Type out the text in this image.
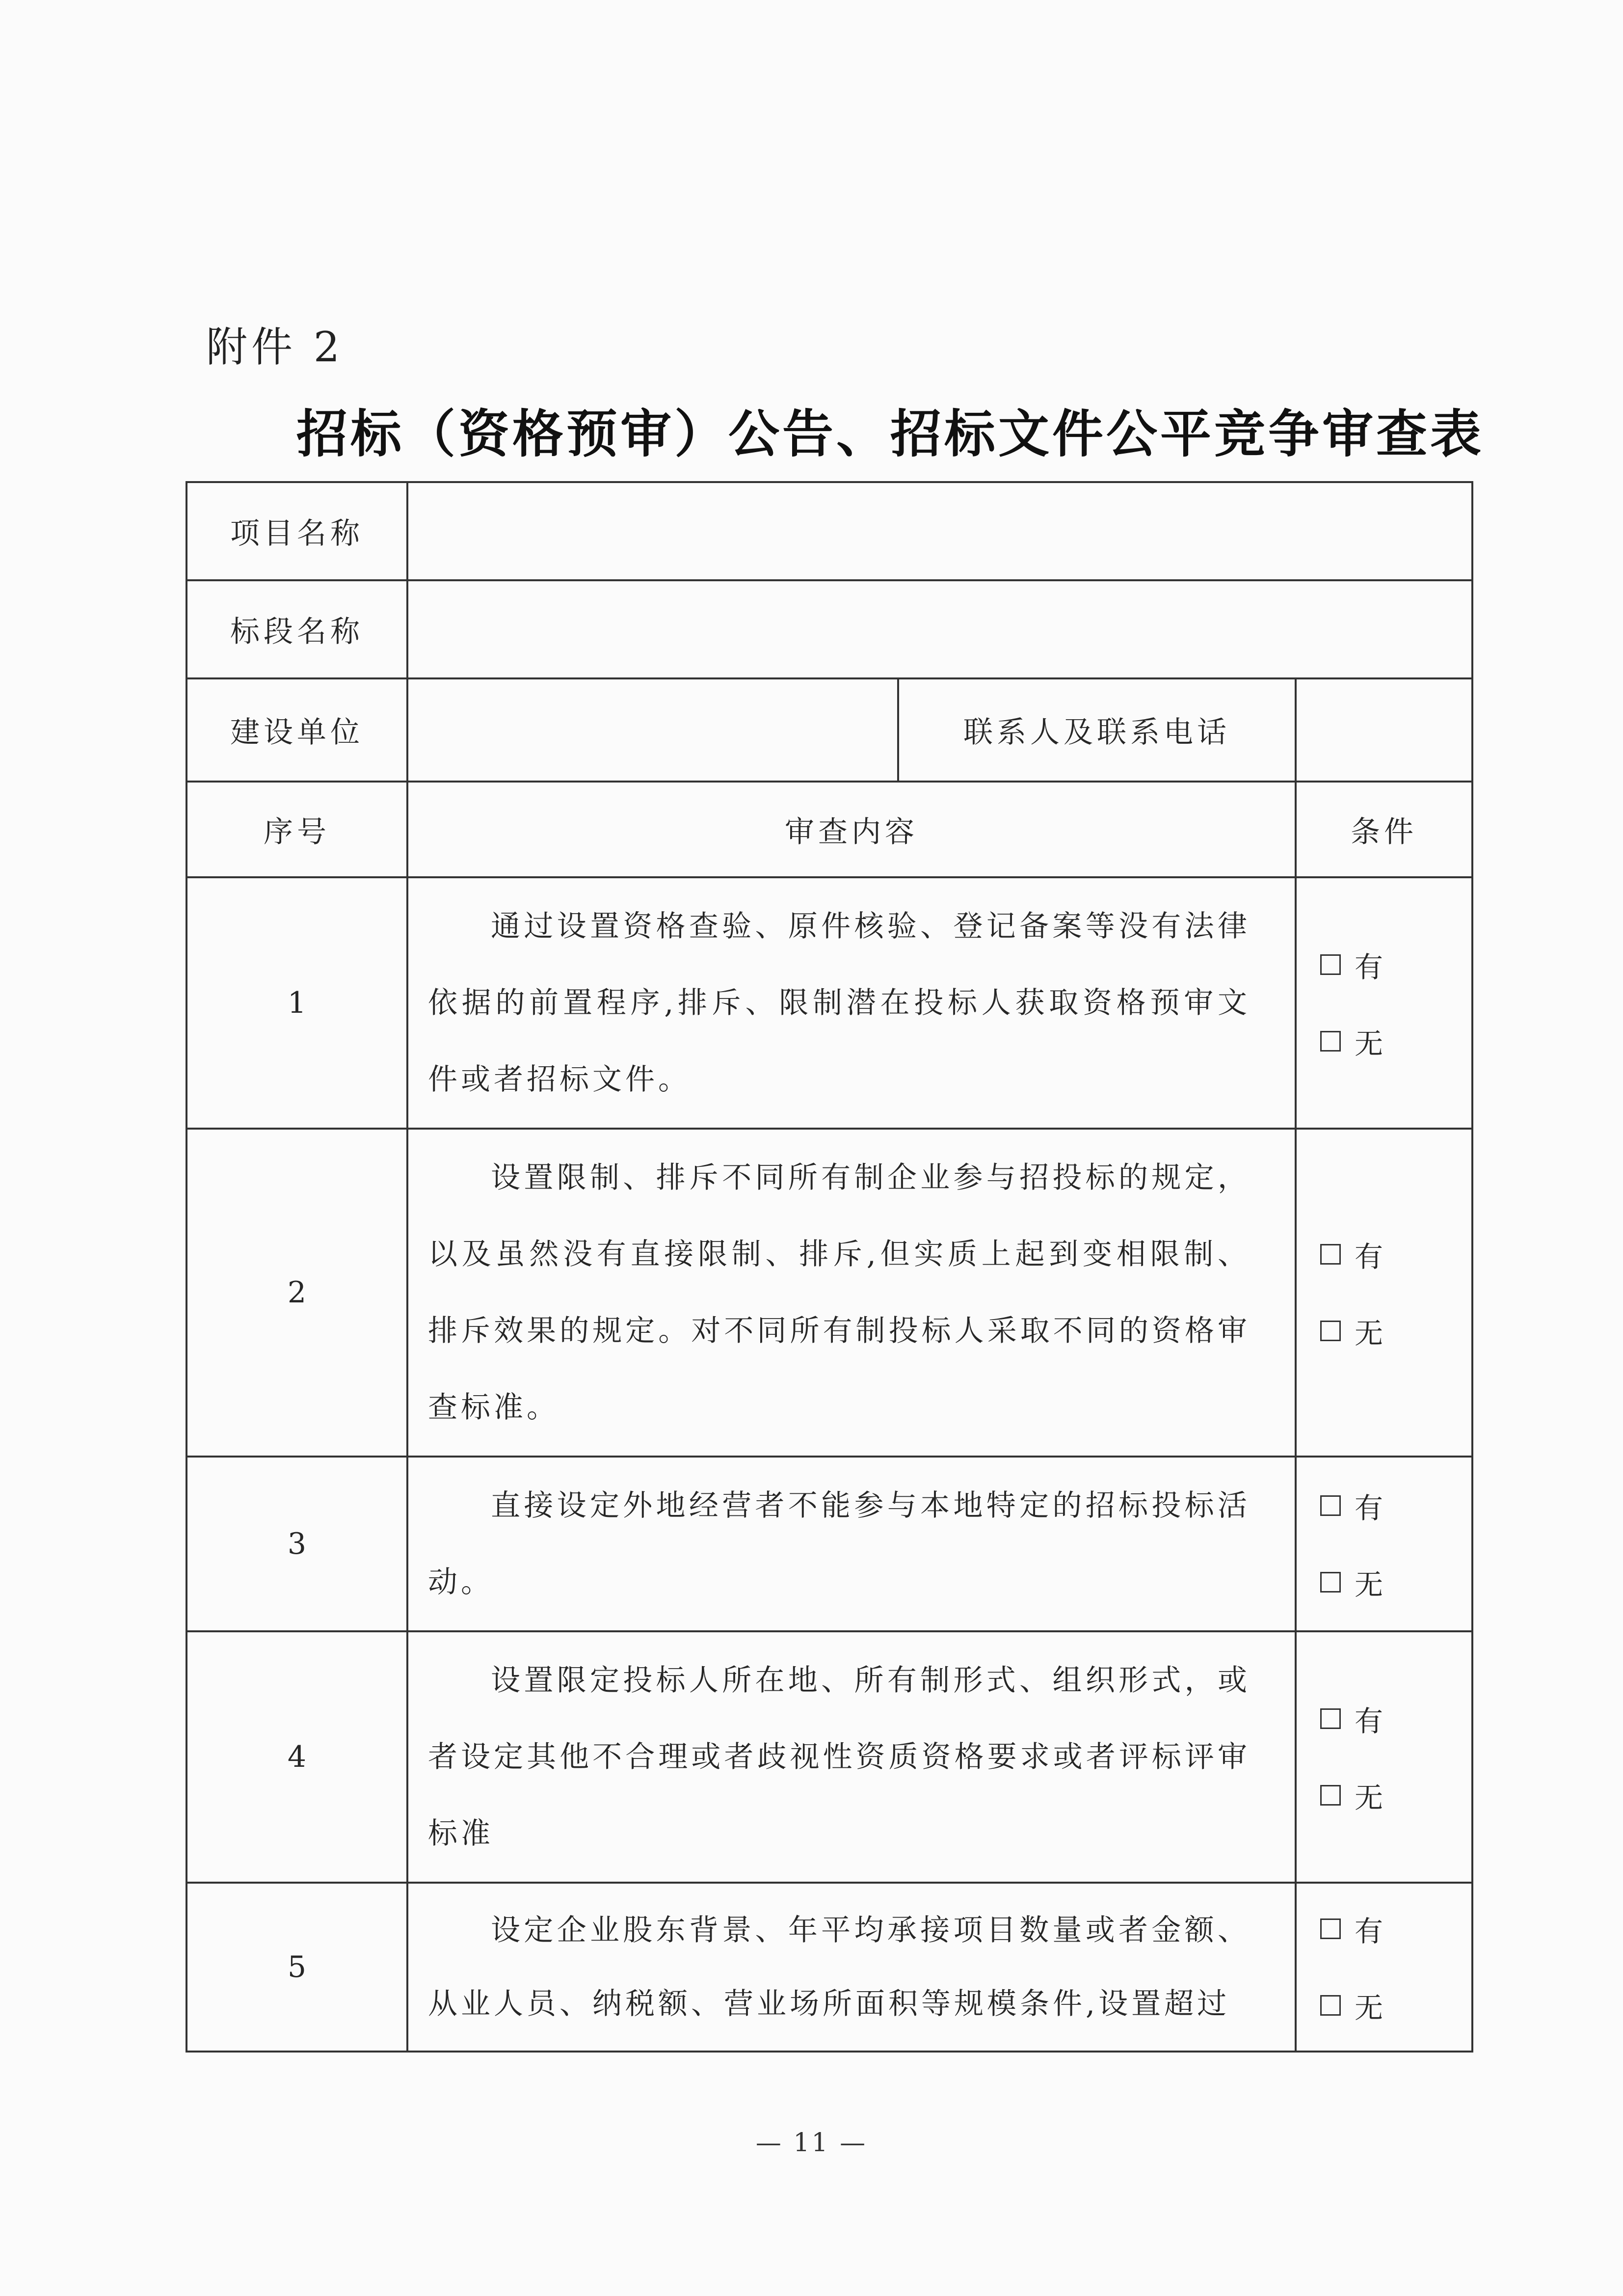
附件 2
招标（资格预审）公告、招标文件公平竞争审查表
项目名称			
标段名称			
建设单位		联系人及联系电话	
序号	审查内容		条件
1	通过设置资格查验、原件核验、登记备案等没有法律依据的前置程序,排斥、限制潜在投标人获取资格预审文件或者招标文件。		有
无

2	设置限制、排斥不同所有制企业参与招投标的规定，以及虽然没有直接限制、排斥,但实质上起到变相限制、排斥效果的规定。对不同所有制投标人采取不同的资格审查标准。		有
无

3	直接设定外地经营者不能参与本地特定的招标投标活动。		有
无

4	设置限定投标人所在地、所有制形式、组织形式，或者设定其他不合理或者歧视性资质资格要求或者评标评审标准		有
无

5	设定企业股东背景、年平均承接项目数量或者金额、从业人员、纳税额、营业场所面积等规模条件,设置超过		有
无
— 11 —
